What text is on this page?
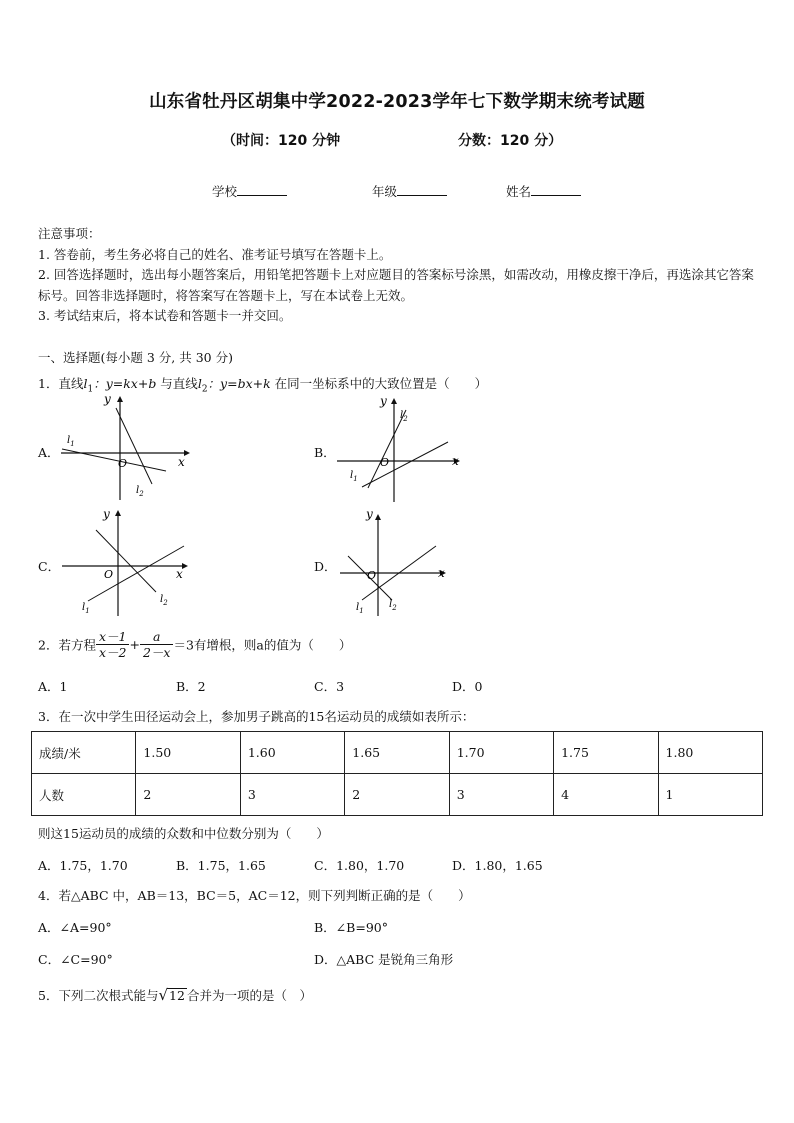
山东省牡丹区胡集中学2022-2023学年七下数学期末统考试题
（时间：120 分钟	分数：120 分）
学校	年级	姓名

注意事项：

1. 答卷前，考生务必将自己的姓名、准考证号填写在答题卡上。

2. 回答选择题时，选出每小题答案后，用铅笔把答题卡上对应题目的答案标号涂黑，如需改动，用橡皮擦干净后，再选涂其它答案标号。回答非选择题时，将答案写在答题卡上，写在本试卷上无效。

3. 考试结束后，将本试卷和答题卡一并交回。

一、选择题(每小题 3 分, 共 30 分)
1．直线$l_1$：y=kx+b 与直线$l_2$：y=bx+k 在同一坐标系中的大致位置是（　　）
A．	B．
C．	D．
y
x
O
$l_1$
$l_2$
y
x
O
$l_1$
$l_2$
y
x
O
$l_1$
$l_2$
y
x
O
$l_1$
$l_2$
2．若方程 $\frac{x-1}{x-2} + \frac{a}{2-x} =3$有增根，则a的值为（　　）
A．1	B．2	C．3	D．0
3．在一次中学生田径运动会上，参加男子跳高的15名运动员的成绩如表所示：
成绩/米	1.50	1.60	1.65	1.70	1.75	1.80
人数	2	3	2	3	4	1
则这15运动员的成绩的众数和中位数分别为（　　）
A．1.75，1.70	B．1.75，1.65	C．1.80，1.70	D．1.80，1.65
4．若△ABC 中，AB＝13，BC＝5，AC＝12，则下列判断正确的是（　　）
A．∠A=90°	B．∠B=90°
C．∠C=90°	D．△ABC 是锐角三角形
5．下列二次根式能与√12 合并为一项的是（　）
